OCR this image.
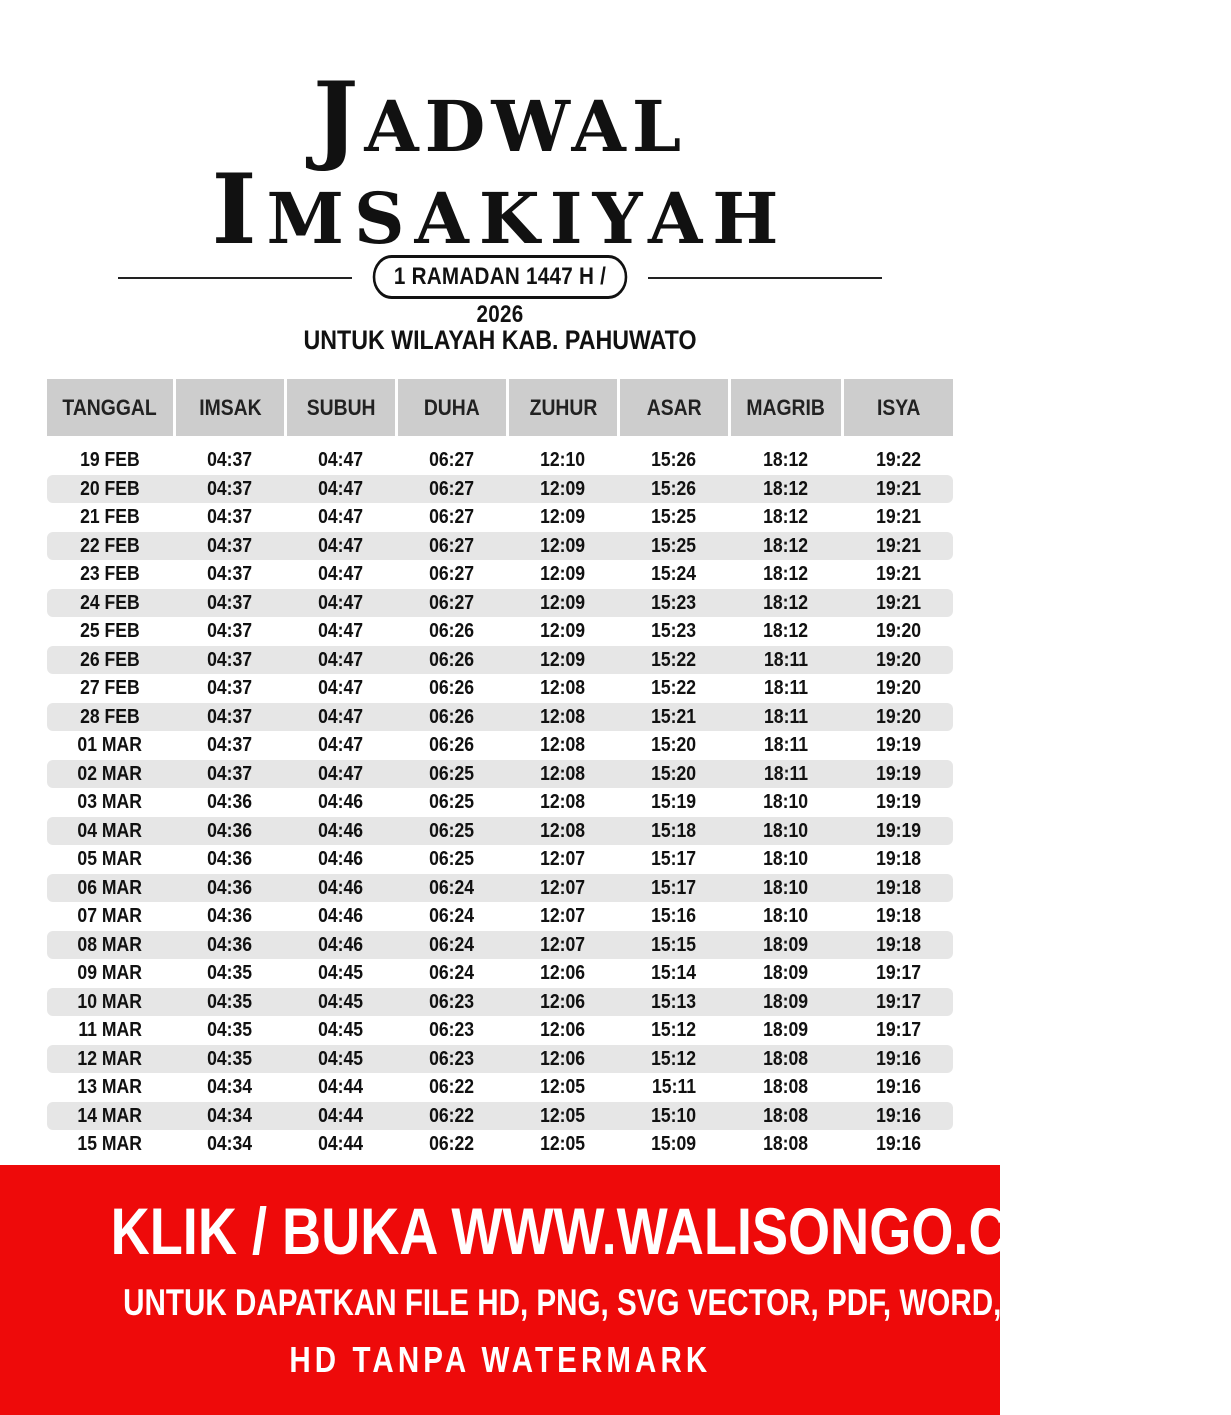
JADWAL
IMSAKIYAH
1 RAMADAN 1447 H / 2026
UNTUK WILAYAH KAB. PAHUWATO
TANGGAL	IMSAK	SUBUH	DUHA	ZUHUR	ASAR	MAGRIB	ISYA
19 FEB	04:37	04:47	06:27	12:10	15:26	18:12	19:22
20 FEB	04:37	04:47	06:27	12:09	15:26	18:12	19:21
21 FEB	04:37	04:47	06:27	12:09	15:25	18:12	19:21
22 FEB	04:37	04:47	06:27	12:09	15:25	18:12	19:21
23 FEB	04:37	04:47	06:27	12:09	15:24	18:12	19:21
24 FEB	04:37	04:47	06:27	12:09	15:23	18:12	19:21
25 FEB	04:37	04:47	06:26	12:09	15:23	18:12	19:20
26 FEB	04:37	04:47	06:26	12:09	15:22	18:11	19:20
27 FEB	04:37	04:47	06:26	12:08	15:22	18:11	19:20
28 FEB	04:37	04:47	06:26	12:08	15:21	18:11	19:20
01 MAR	04:37	04:47	06:26	12:08	15:20	18:11	19:19
02 MAR	04:37	04:47	06:25	12:08	15:20	18:11	19:19
03 MAR	04:36	04:46	06:25	12:08	15:19	18:10	19:19
04 MAR	04:36	04:46	06:25	12:08	15:18	18:10	19:19
05 MAR	04:36	04:46	06:25	12:07	15:17	18:10	19:18
06 MAR	04:36	04:46	06:24	12:07	15:17	18:10	19:18
07 MAR	04:36	04:46	06:24	12:07	15:16	18:10	19:18
08 MAR	04:36	04:46	06:24	12:07	15:15	18:09	19:18
09 MAR	04:35	04:45	06:24	12:06	15:14	18:09	19:17
10 MAR	04:35	04:45	06:23	12:06	15:13	18:09	19:17
11 MAR	04:35	04:45	06:23	12:06	15:12	18:09	19:17
12 MAR	04:35	04:45	06:23	12:06	15:12	18:08	19:16
13 MAR	04:34	04:44	06:22	12:05	15:11	18:08	19:16
14 MAR	04:34	04:44	06:22	12:05	15:10	18:08	19:16
15 MAR	04:34	04:44	06:22	12:05	15:09	18:08	19:16
KLIK / BUKA WWW.WALISONGO.CO.ID
UNTUK DAPATKAN FILE HD, PNG, SVG VECTOR, PDF, WORD, EXCEL
HD TANPA WATERMARK
